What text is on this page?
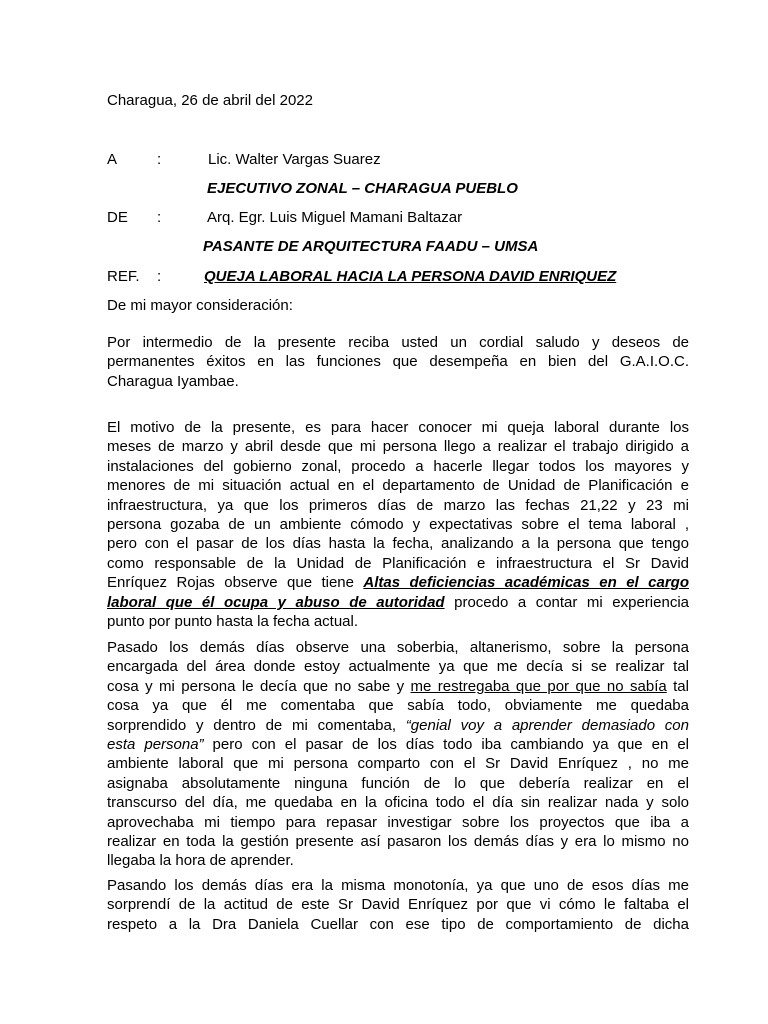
Charagua, 26 de abril del 2022
A	:	Lic. Walter Vargas Suarez
EJECUTIVO ZONAL – CHARAGUA PUEBLO
DE :	Arq. Egr. Luis Miguel Mamani Baltazar
PASANTE DE ARQUITECTURA FAADU – UMSA
REF. :	QUEJA LABORAL HACIA LA PERSONA DAVID ENRIQUEZ
De mi mayor consideración:
Por intermedio de la presente reciba usted un cordial saludo y deseos de
permanentes éxitos en las funciones que desempeña en bien del G.A.I.O.C.
Charagua Iyambae.
El motivo de la presente, es para hacer conocer mi queja laboral durante los
meses de marzo y abril desde que mi persona llego a realizar el trabajo dirigido a
instalaciones del gobierno zonal, procedo a hacerle llegar todos los mayores y
menores de mi situación actual en el departamento de Unidad de Planificación e
infraestructura, ya que los primeros días de marzo las fechas 21,22 y 23 mi
persona gozaba de un ambiente cómodo y expectativas sobre el tema laboral ,
pero con el pasar de los días hasta la fecha, analizando a la persona que tengo
como responsable de la Unidad de Planificación e infraestructura el Sr David
Enríquez Rojas observe que tiene Altas deficiencias académicas en el cargo
laboral que él ocupa y abuso de autoridad procedo a contar mi experiencia
punto por punto hasta la fecha actual.
Pasado los demás días observe una soberbia, altanerismo, sobre la persona
encargada del área donde estoy actualmente ya que me decía si se realizar tal
cosa y mi persona le decía que no sabe y me restregaba que por que no sabía tal
cosa ya que él me comentaba que sabía todo, obviamente me quedaba
sorprendido y dentro de mi comentaba, “genial voy a aprender demasiado con
esta persona” pero con el pasar de los días todo iba cambiando ya que en el
ambiente laboral que mi persona comparto con el Sr David Enríquez , no me
asignaba absolutamente ninguna función de lo que debería realizar en el
transcurso del día, me quedaba en la oficina todo el día sin realizar nada y solo
aprovechaba mi tiempo para repasar investigar sobre los proyectos que iba a
realizar en toda la gestión presente así pasaron los demás días y era lo mismo no
llegaba la hora de aprender.
Pasando los demás días era la misma monotonía, ya que uno de esos días me
sorprendí de la actitud de este Sr David Enríquez por que vi cómo le faltaba el
respeto a la Dra Daniela Cuellar con ese tipo de comportamiento de dicha
